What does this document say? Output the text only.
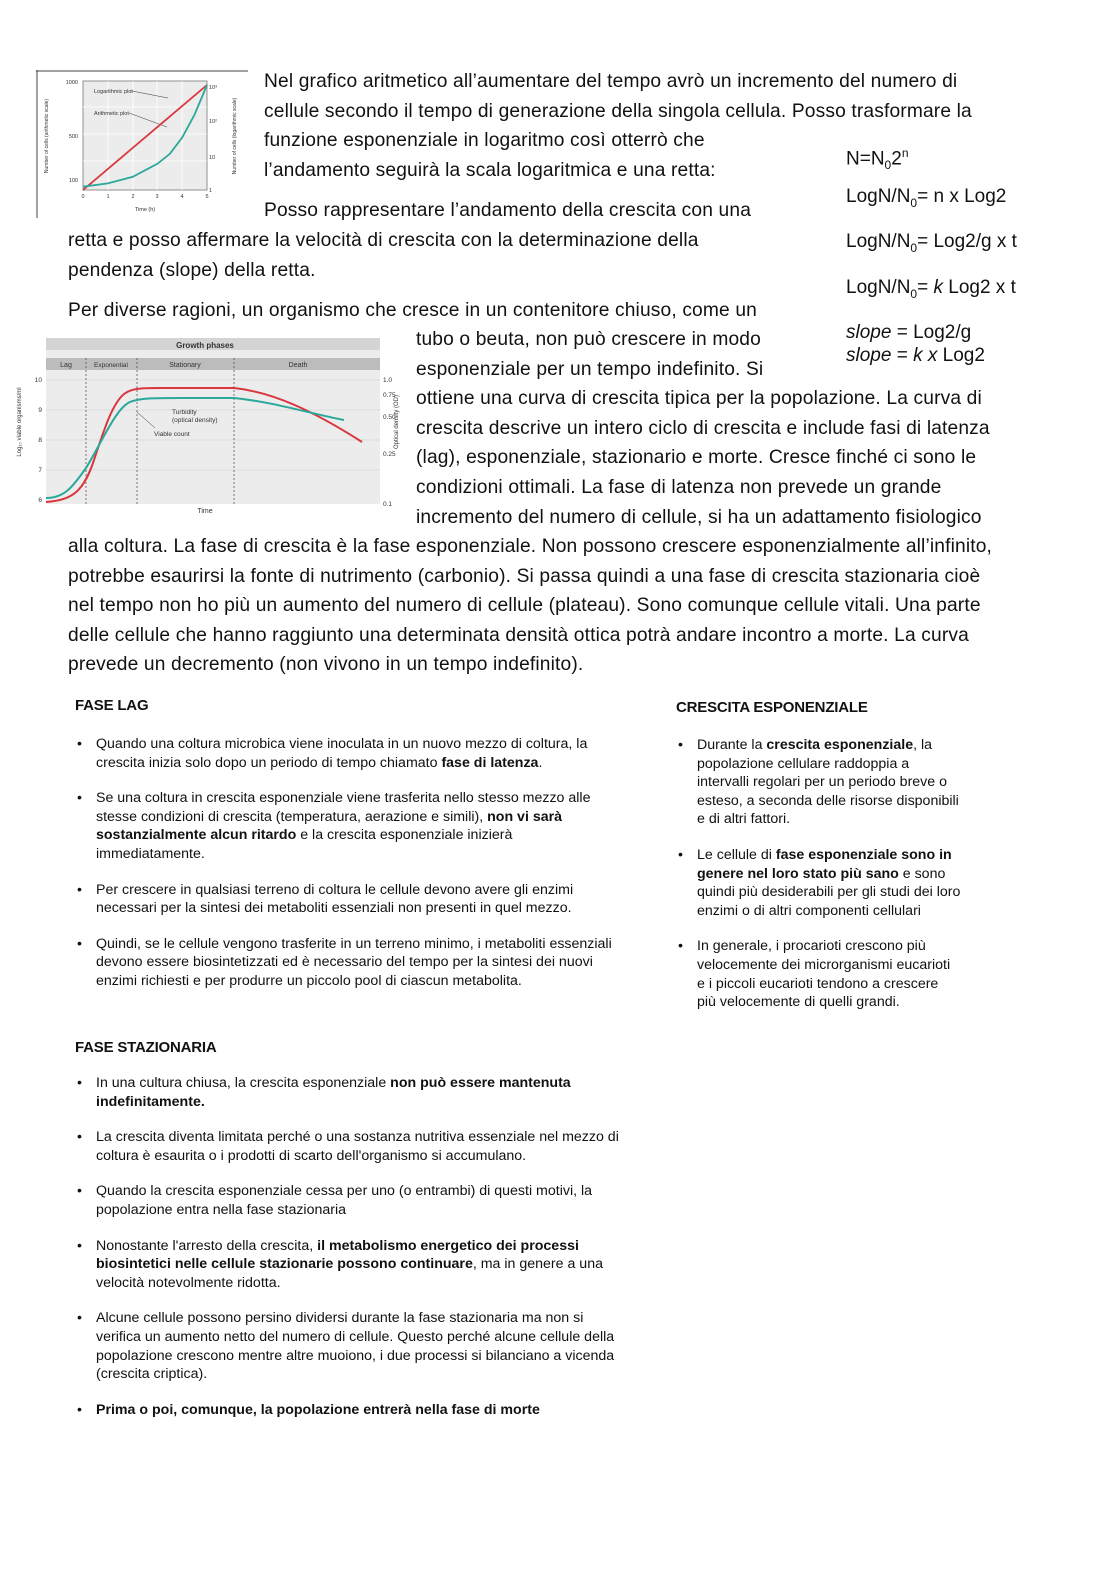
1000
500
100
10³
10²
10
1
0	1	2	3	4	5
Time (h)
Number of cells (arithmetic scale)	Number of cells (logarithmic scale)
Logarithmic plot
Arithmetic plot

Nel grafico aritmetico all’aumentare del tempo avrò un incremento del numero di

cellule secondo il tempo di generazione della singola cellula. Posso trasformare la

funzione esponenziale in logaritmo così otterrò che

l’andamento seguirà la scala logaritmica e una retta:

Posso rappresentare l’andamento della crescita con una

retta e posso affermare la velocità di crescita con la determinazione della

pendenza (slope) della retta.

$N=N_02^n$

LogN/$N_0= n$ x Log2

LogN/$N_0= Log2/g$ x t

LogN/$N_0= k$ Log2 x t

slope = Log2/g

slope = k x Log2

Per diverse ragioni, un organismo che cresce in un contenitore chiuso, come un

tubo o beuta, non può crescere in modo

esponenziale per un tempo indefinito. Si

ottiene una curva di crescita tipica per la popolazione. La curva di

crescita descrive un intero ciclo di crescita e include fasi di latenza

(lag), esponenziale, stazionario e morte. Cresce finché ci sono le

condizioni ottimali. La fase di latenza non prevede un grande

incremento del numero di cellule, si ha un adattamento fisiologico

alla coltura. La fase di crescita è la fase esponenziale. Non possono crescere esponenzialmente all’infinito,

potrebbe esaurirsi la fonte di nutrimento (carbonio). Si passa quindi a una fase di crescita stazionaria cioè

nel tempo non ho più un aumento del numero di cellule (plateau). Sono comunque cellule vitali. Una parte

delle cellule che hanno raggiunto una determinata densità ottica potrà andare incontro a morte. La curva

prevede un decremento (non vivono in un tempo indefinito).

Growth phases
Lag	Exponential	Stationary	Death
10
9
8
7
6
1.0
0.75
0.50
0.25
0.1
Time
Log₁₀ viable organisms/ml	Optical density (OD)
Turbidity
(optical density)
Viable count

FASE LAG

• Quando una coltura microbica viene inoculata in un nuovo mezzo di coltura, la crescita inizia solo dopo un periodo di tempo chiamato fase di latenza.
• Se una coltura in crescita esponenziale viene trasferita nello stesso mezzo alle stesse condizioni di crescita (temperatura, aerazione e simili), non vi sarà sostanzialmente alcun ritardo e la crescita esponenziale inizierà immediatamente.
• Per crescere in qualsiasi terreno di coltura le cellule devono avere gli enzimi necessari per la sintesi dei metaboliti essenziali non presenti in quel mezzo.
• Quindi, se le cellule vengono trasferite in un terreno minimo, i metaboliti essenziali devono essere biosintetizzati ed è necessario del tempo per la sintesi dei nuovi enzimi richiesti e per produrre un piccolo pool di ciascun metabolita.

FASE STAZIONARIA

• In una cultura chiusa, la crescita esponenziale non può essere mantenuta indefinitamente.
• La crescita diventa limitata perché o una sostanza nutritiva essenziale nel mezzo di coltura è esaurita o i prodotti di scarto dell'organismo si accumulano.
• Quando la crescita esponenziale cessa per uno (o entrambi) di questi motivi, la popolazione entra nella fase stazionaria
• Nonostante l'arresto della crescita, il metabolismo energetico dei processi biosintetici nelle cellule stazionarie possono continuare, ma in genere a una velocità notevolmente ridotta.
• Alcune cellule possono persino dividersi durante la fase stazionaria ma non si verifica un aumento netto del numero di cellule. Questo perché alcune cellule della popolazione crescono mentre altre muoiono, i due processi si bilanciano a vicenda (crescita criptica).
• Prima o poi, comunque, la popolazione entrerà nella fase di morte

CRESCITA ESPONENZIALE

• Durante la crescita esponenziale, la popolazione cellulare raddoppia a intervalli regolari per un periodo breve o esteso, a seconda delle risorse disponibili e di altri fattori.
• Le cellule di fase esponenziale sono in genere nel loro stato più sano e sono quindi più desiderabili per gli studi dei loro enzimi o di altri componenti cellulari
• In generale, i procarioti crescono più velocemente dei microrganismi eucarioti e i piccoli eucarioti tendono a crescere più velocemente di quelli grandi.
